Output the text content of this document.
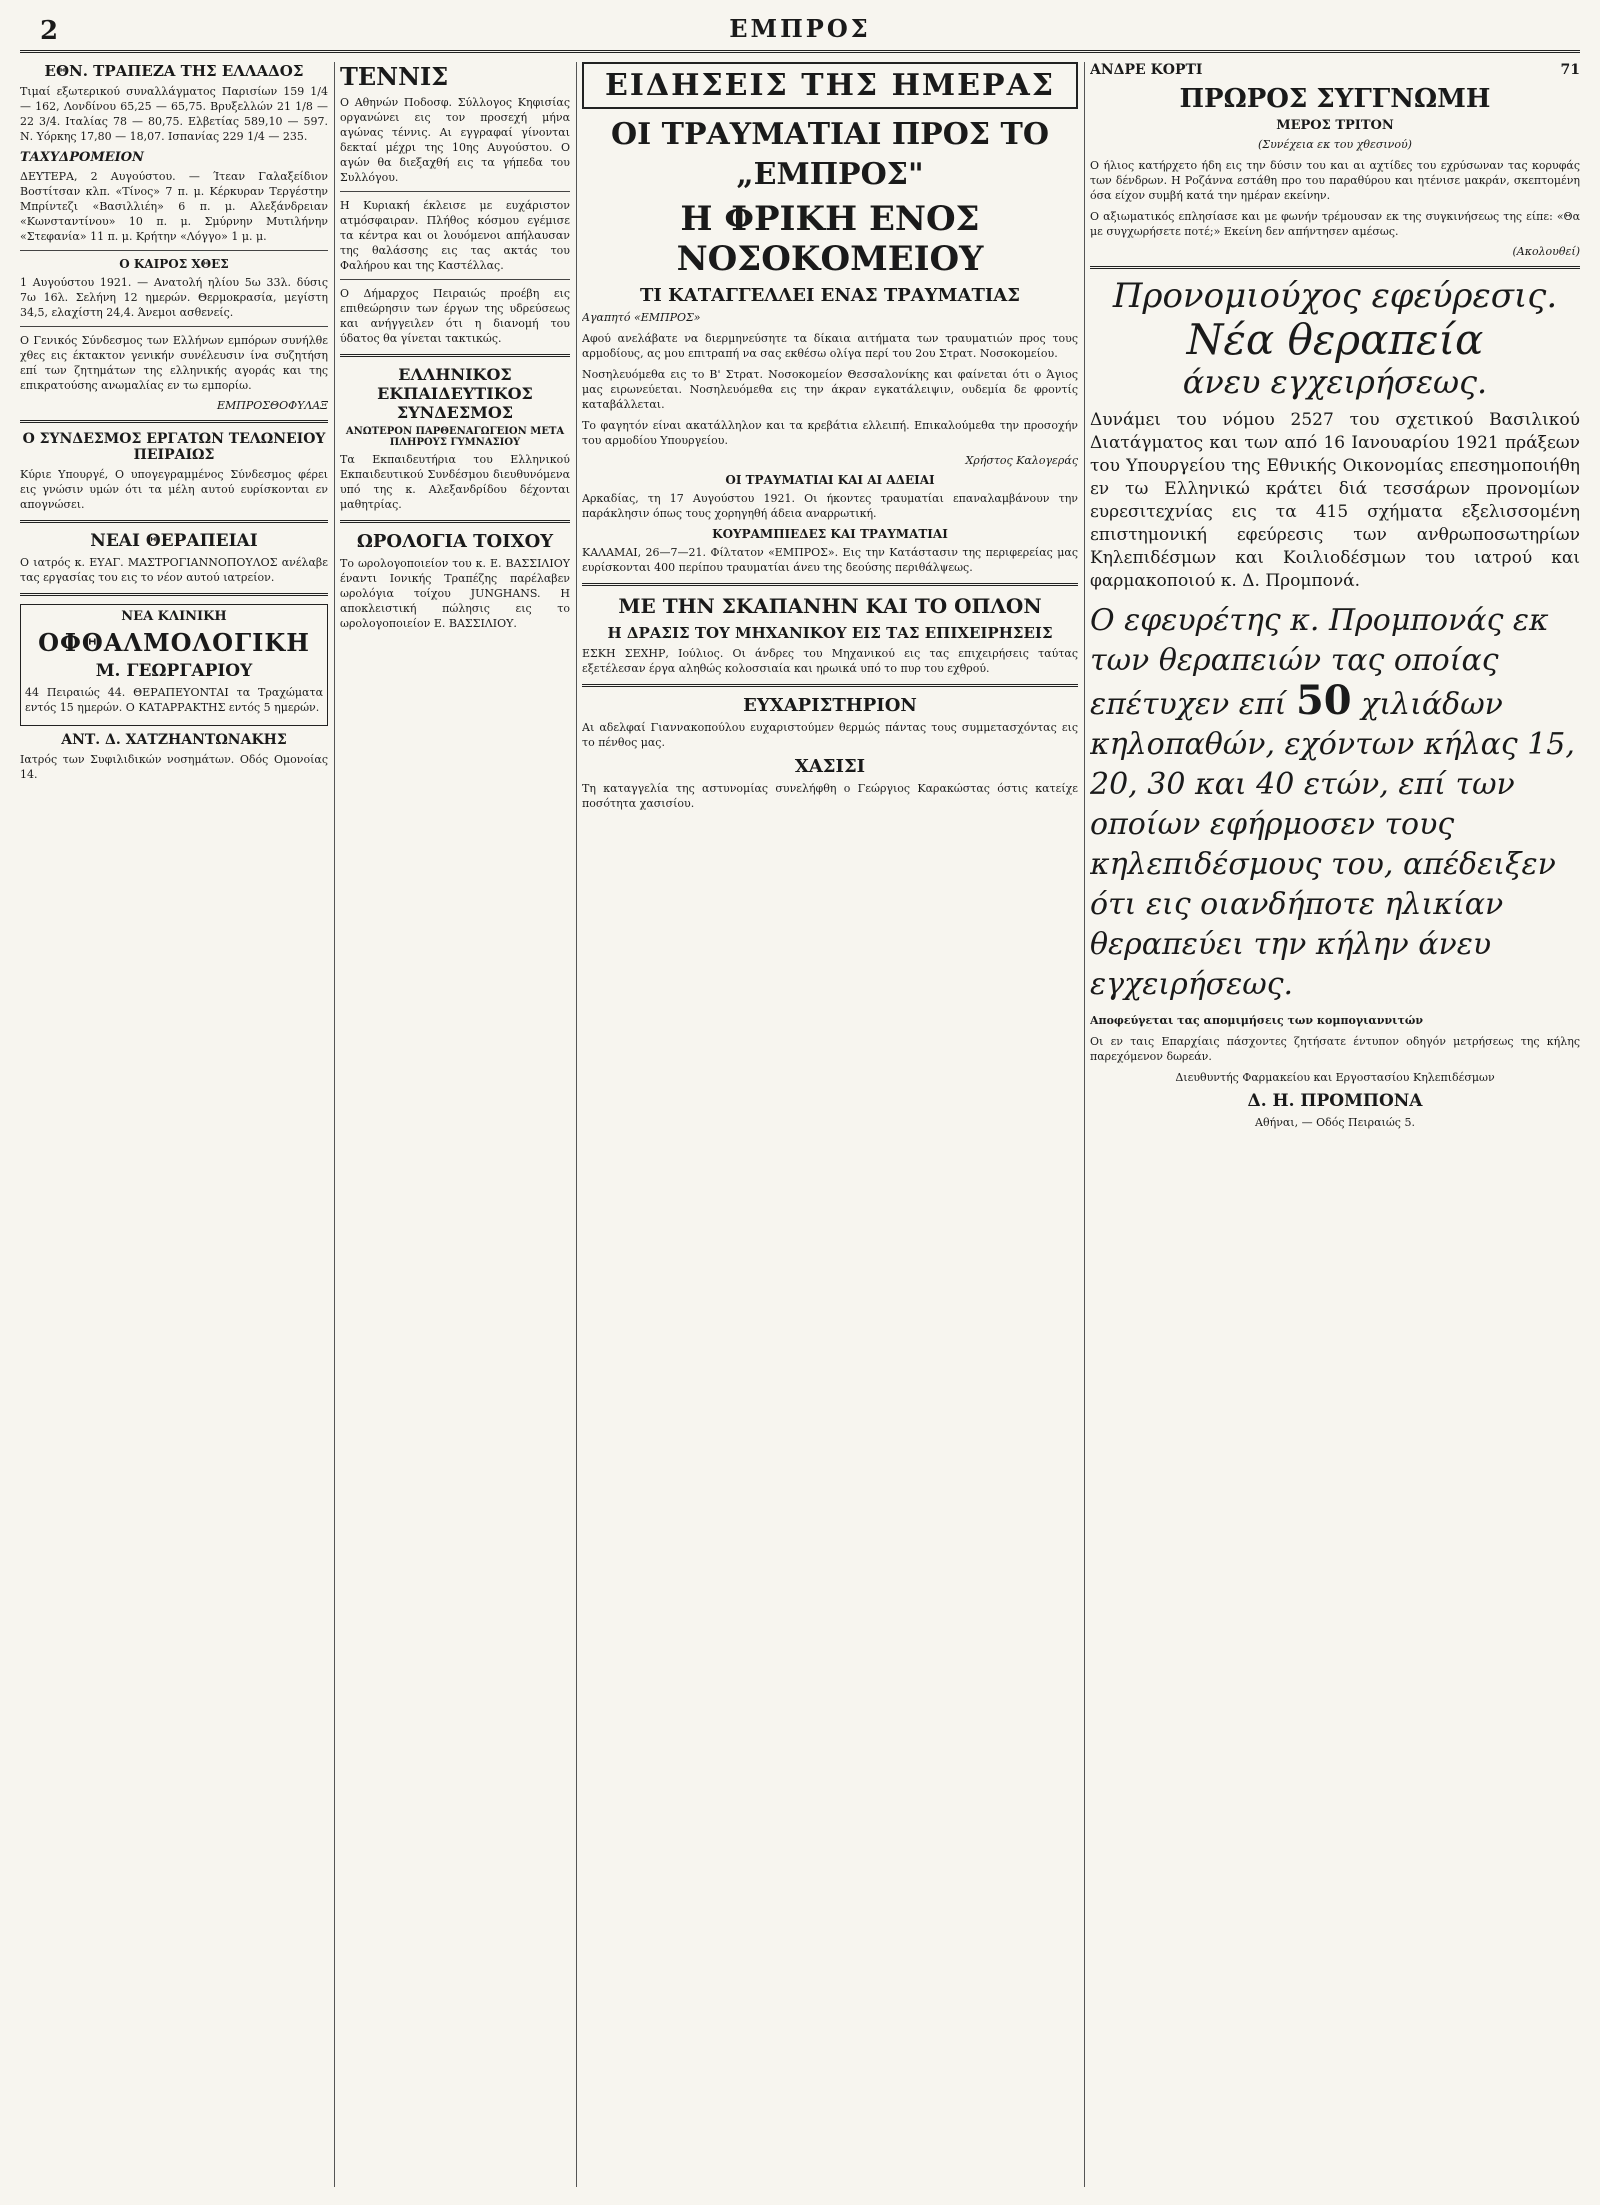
2	ΕΜΠΡΟΣ
ΕΘΝ. ΤΡΑΠΕΖΑ ΤΗΣ ΕΛΛΑΔΟΣ

Τιμαί εξωτερικού συναλλάγματος Παρισίων 159 1/4 — 162, Λονδίνου 65,25 — 65,75. Βρυξελλών 21 1/8 — 22 3/4. Ιταλίας 78 — 80,75. Ελβετίας 589,10 — 597. Ν. Υόρκης 17,80 — 18,07. Ισπανίας 229 1/4 — 235.

ΤΑΧΥΔΡΟΜΕΙΟΝ

ΔΕΥΤΕΡΑ, 2 Αυγούστου. — Ίτεαν Γαλαξείδιον Βοστίτσαν κλπ. «Τίνος» 7 π. μ. Κέρκυραν Τεργέστην Μπρίντεζι «Βασιλλιέη» 6 π. μ. Αλεξάνδρειαν «Κωνσταντίνου» 10 π. μ. Σμύρνην Μυτιλήνην «Στεφανία» 11 π. μ. Κρήτην «Λόγγο» 1 μ. μ.

Ο ΚΑΙΡΟΣ ΧΘΕΣ

1 Αυγούστου 1921. — Ανατολή ηλίου 5ω 33λ. δύσις 7ω 16λ. Σελήνη 12 ημερών. Θερμοκρασία, μεγίστη 34,5, ελαχίστη 24,4. Άνεμοι ασθενείς.

Ο Γενικός Σύνδεσμος των Ελλήνων εμπόρων συνήλθε χθες εις έκτακτον γενικήν συνέλευσιν ίνα συζητήση επί των ζητημάτων της ελληνικής αγοράς και της επικρατούσης ανωμαλίας εν τω εμπορίω.

ΕΜΠΡΟΣΘΟΦΥΛΑΞ
Ο ΣΥΝΔΕΣΜΟΣ ΕΡΓΑΤΩΝ ΤΕΛΩΝΕΙΟΥ ΠΕΙΡΑΙΩΣ

Κύριε Υπουργέ, Ο υπογεγραμμένος Σύνδεσμος φέρει εις γνώσιν υμών ότι τα μέλη αυτού ευρίσκονται εν απογνώσει.

ΝΕΑΙ ΘΕΡΑΠΕΙΑΙ

Ο ιατρός κ. ΕΥΑΓ. ΜΑΣΤΡΟΓΙΑΝΝΟΠΟΥΛΟΣ ανέλαβε τας εργασίας του εις το νέον αυτού ιατρείον.

ΝΕΑ ΚΛΙΝΙΚΗ
ΟΦΘΑΛΜΟΛΟΓΙΚΗ
Μ. ΓΕΩΡΓΑΡΙΟΥ

44 Πειραιώς 44. ΘΕΡΑΠΕΥΟΝΤΑΙ τα Τραχώματα εντός 15 ημερών. Ο ΚΑΤΑΡΡΑΚΤΗΣ εντός 5 ημερών.

ΑΝΤ. Δ. ΧΑΤΖΗΑΝΤΩΝΑΚΗΣ

Ιατρός των Συφιλιδικών νοσημάτων. Οδός Ομονοίας 14.

ΤΕΝΝΙΣ

Ο Αθηνών Ποδοσφ. Σύλλογος Κηφισίας οργανώνει εις τον προσεχή μήνα αγώνας τέννις. Αι εγγραφαί γίνονται δεκταί μέχρι της 10ης Αυγούστου. Ο αγών θα διεξαχθή εις τα γήπεδα του Συλλόγου.

Η Κυριακή έκλεισε με ευχάριστον ατμόσφαιραν. Πλήθος κόσμου εγέμισε τα κέντρα και οι λουόμενοι απήλαυσαν της θαλάσσης εις τας ακτάς του Φαλήρου και της Καστέλλας.

Ο Δήμαρχος Πειραιώς προέβη εις επιθεώρησιν των έργων της υδρεύσεως και ανήγγειλεν ότι η διανομή του ύδατος θα γίνεται τακτικώς.

ΕΛΛΗΝΙΚΟΣ ΕΚΠΑΙΔΕΥΤΙΚΟΣ ΣΥΝΔΕΣΜΟΣ
ΑΝΩΤΕΡΟΝ ΠΑΡΘΕΝΑΓΩΓΕΙΟΝ ΜΕΤΑ ΠΛΗΡΟΥΣ ΓΥΜΝΑΣΙΟΥ

Τα Εκπαιδευτήρια του Ελληνικού Εκπαιδευτικού Συνδέσμου διευθυνόμενα υπό της κ. Αλεξανδρίδου δέχονται μαθητρίας.

ΩΡΟΛΟΓΙΑ ΤΟΙΧΟΥ

Το ωρολογοποιείον του κ. Ε. ΒΑΣΣΙΛΙΟΥ έναντι Ιονικής Τραπέζης παρέλαβεν ωρολόγια τοίχου JUNGHANS. Η αποκλειστική πώλησις εις το ωρολογοποιείον Ε. ΒΑΣΣΙΛΙΟΥ.

ΕΙΔΗΣΕΙΣ ΤΗΣ ΗΜΕΡΑΣ
ΟΙ ΤΡΑΥΜΑΤΙΑΙ ΠΡΟΣ ΤΟ „ΕΜΠΡΟΣ"
Η ΦΡΙΚΗ ΕΝΟΣ ΝΟΣΟΚΟΜΕΙΟΥ
ΤΙ ΚΑΤΑΓΓΕΛΛΕΙ ΕΝΑΣ ΤΡΑΥΜΑΤΙΑΣ

Αγαπητό «ΕΜΠΡΟΣ»

Αφού ανελάβατε να διερμηνεύσητε τα δίκαια αιτήματα των τραυματιών προς τους αρμοδίους, ας μου επιτραπή να σας εκθέσω ολίγα περί του 2ου Στρατ. Νοσοκομείου.

Νοσηλευόμεθα εις το Β' Στρατ. Νοσοκομείον Θεσσαλονίκης και φαίνεται ότι ο Άγιος μας ειρωνεύεται. Νοσηλευόμεθα εις την άκραν εγκατάλειψιν, ουδεμία δε φροντίς καταβάλλεται.

Το φαγητόν είναι ακατάλληλον και τα κρεβάτια ελλειπή. Επικαλούμεθα την προσοχήν του αρμοδίου Υπουργείου.

Χρήστος Καλογεράς
ΟΙ ΤΡΑΥΜΑΤΙΑΙ ΚΑΙ ΑΙ ΑΔΕΙΑΙ

Αρκαδίας, τη 17 Αυγούστου 1921. Οι ήκοντες τραυματίαι επαναλαμβάνουν την παράκλησιν όπως τους χορηγηθή άδεια αναρρωτική.

ΚΟΥΡΑΜΠΙΕΔΕΣ ΚΑΙ ΤΡΑΥΜΑΤΙΑΙ

ΚΑΛΑΜΑΙ, 26—7—21. Φίλτατον «ΕΜΠΡΟΣ». Εις την Κατάστασιν της περιφερείας μας ευρίσκονται 400 περίπου τραυματίαι άνευ της δεούσης περιθάλψεως.

ΜΕ ΤΗΝ ΣΚΑΠΑΝΗΝ ΚΑΙ ΤΟ ΟΠΛΟΝ
Η ΔΡΑΣΙΣ ΤΟΥ ΜΗΧΑΝΙΚΟΥ ΕΙΣ ΤΑΣ ΕΠΙΧΕΙΡΗΣΕΙΣ

ΕΣΚΗ ΣΕΧΗΡ, Ιούλιος. Οι άνδρες του Μηχανικού εις τας επιχειρήσεις ταύτας εξετέλεσαν έργα αληθώς κολοσσιαία και ηρωικά υπό το πυρ του εχθρού.

ΕΥΧΑΡΙΣΤΗΡΙΟΝ

Αι αδελφαί Γιαννακοπούλου ευχαριστούμεν θερμώς πάντας τους συμμετασχόντας εις το πένθος μας.

ΧΑΣΙΣΙ

Τη καταγγελία της αστυνομίας συνελήφθη ο Γεώργιος Καρακώστας όστις κατείχε ποσότητα χασισίου.

ΑΝΔΡΕ ΚΟΡΤΙ	71
ΠΡΩΡΟΣ ΣΥΓΓΝΩΜΗ
ΜΕΡΟΣ ΤΡΙΤΟΝ

(Συνέχεια εκ του χθεσινού)

Ο ήλιος κατήρχετο ήδη εις την δύσιν του και αι αχτίδες του εχρύσωναν τας κορυφάς των δένδρων. Η Ροζάννα εστάθη προ του παραθύρου και ητένισε μακράν, σκεπτομένη όσα είχον συμβή κατά την ημέραν εκείνην.

Ο αξιωματικός επλησίασε και με φωνήν τρέμουσαν εκ της συγκινήσεως της είπε: «Θα με συγχωρήσετε ποτέ;» Εκείνη δεν απήντησεν αμέσως.

(Ακολουθεί)
Προνομιούχος εφεύρεσις.
Νέα θεραπεία
άνευ εγχειρήσεως.

Δυνάμει του νόμου 2527 του σχετικού Βασιλικού Διατάγματος και των από 16 Ιανουαρίου 1921 πράξεων του Υπουργείου της Εθνικής Οικονομίας επεσημοποιήθη εν τω Ελληνικώ κράτει διά τεσσάρων προνομίων ευρεσιτεχνίας εις τα 415 σχήματα εξελισσομένη επιστημονική εφεύρεσις των ανθρωποσωτηρίων Κηλεπιδέσμων και Κοιλιοδέσμων του ιατρού και φαρμακοποιού κ. Δ. Προμπονά.

Ο εφευρέτης κ. Προμπονάς εκ των θεραπειών τας οποίας επέτυχεν επί 50 χιλιάδων κηλοπαθών, εχόντων κήλας 15, 20, 30 και 40 ετών, επί των οποίων εφήρμοσεν τους κηλεπιδέσμους του, απέδειξεν ότι εις οιανδήποτε ηλικίαν θεραπεύει την κήλην άνευ εγχειρήσεως.

Αποφεύγεται τας απομιμήσεις των κομπογιαννιτών

Οι εν ταις Επαρχίαις πάσχοντες ζητήσατε έντυπον οδηγόν μετρήσεως της κήλης παρεχόμενον δωρεάν.

Διευθυντής Φαρμακείου και Εργοστασίου Κηλεπιδέσμων

Δ. Η. ΠΡΟΜΠΟΝΑ

Αθήναι, — Οδός Πειραιώς 5.
